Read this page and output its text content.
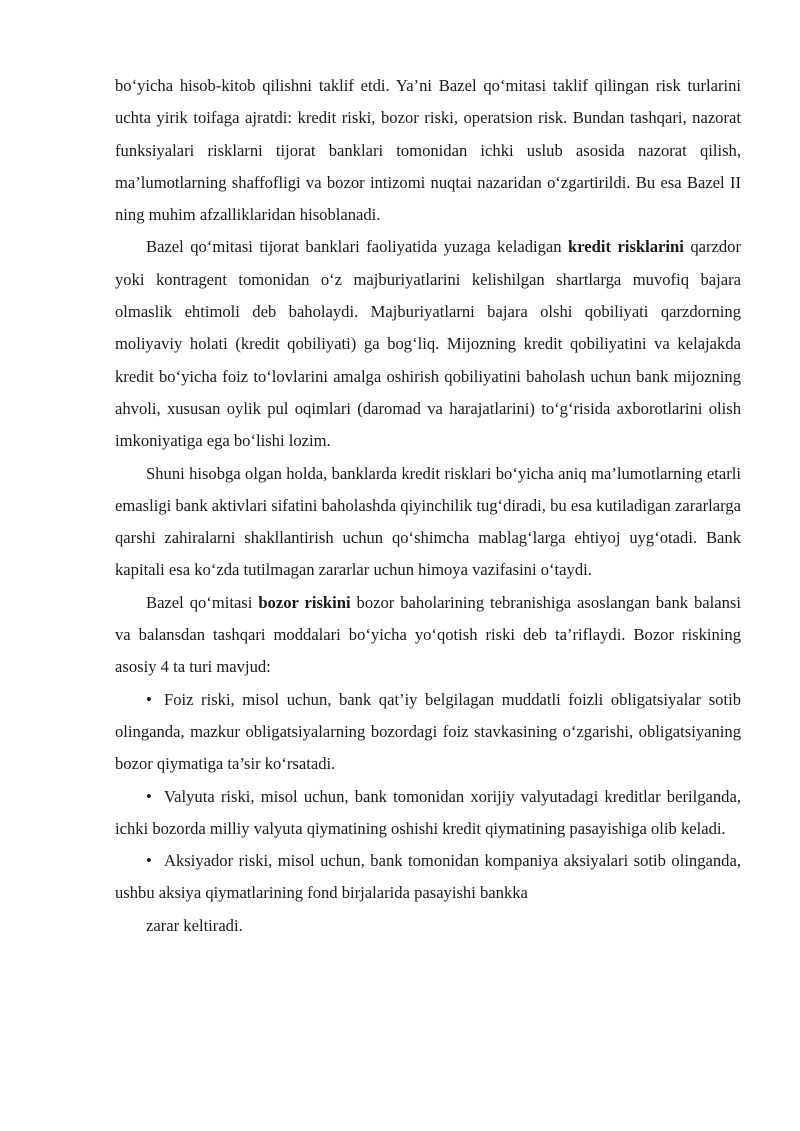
bo‘yicha hisob-kitob qilishni taklif etdi. Ya’ni Bazel qo‘mitasi taklif qilingan risk turlarini uchta yirik toifaga ajratdi: kredit riski, bozor riski, operatsion risk. Bundan tashqari, nazorat funksiyalari risklarni tijorat banklari tomonidan ichki uslub asosida nazorat qilish, ma’lumotlarning shaffofligi va bozor intizomi nuqtai nazaridan o‘zgartirildi. Bu esa Bazel II ning muhim afzalliklaridan hisoblanadi.

Bazel qo‘mitasi tijorat banklari faoliyatida yuzaga keladigan kredit risklarini qarzdor yoki kontragent tomonidan o‘z majburiyatlarini kelishilgan shartlarga muvofiq bajara olmaslik ehtimoli deb baholaydi. Majburiyatlarni bajara olshi qobiliyati qarzdorning moliyaviy holati (kredit qobiliyati) ga bog‘liq. Mijozning kredit qobiliyatini va kelajakda kredit bo‘yicha foiz to‘lovlarini amalga oshirish qobiliyatini baholash uchun bank mijozning ahvoli, xususan oylik pul oqimlari (daromad va harajatlarini) to‘g‘risida axborotlarini olish imkoniyatiga ega bo‘lishi lozim.

Shuni hisobga olgan holda, banklarda kredit risklari bo‘yicha aniq ma’lumotlarning etarli emasligi bank aktivlari sifatini baholashda qiyinchilik tug‘diradi, bu esa kutiladigan zararlarga qarshi zahiralarni shakllantirish uchun qo‘shimcha mablag‘larga ehtiyoj uyg‘otadi. Bank kapitali esa ko‘zda tutilmagan zararlar uchun himoya vazifasini o‘taydi.

Bazel qo‘mitasi bozor riskini bozor baholarining tebranishiga asoslangan bank balansi va balansdan tashqari moddalari bo‘yicha yo‘qotish riski deb ta’riflaydi. Bozor riskining asosiy 4 ta turi mavjud:

• Foiz riski, misol uchun, bank qat’iy belgilagan muddatli foizli obligatsiyalar sotib olinganda, mazkur obligatsiyalarning bozordagi foiz stavkasining o‘zgarishi, obligatsiyaning bozor qiymatiga ta’sir ko‘rsatadi.

• Valyuta riski, misol uchun, bank tomonidan xorijiy valyutadagi kreditlar berilganda, ichki bozorda milliy valyuta qiymatining oshishi kredit qiymatining pasayishiga olib keladi.

• Aksiyador riski, misol uchun, bank tomonidan kompaniya aksiyalari sotib olinganda, ushbu aksiya qiymatlarining fond birjalarida pasayishi bankka

zarar keltiradi.
